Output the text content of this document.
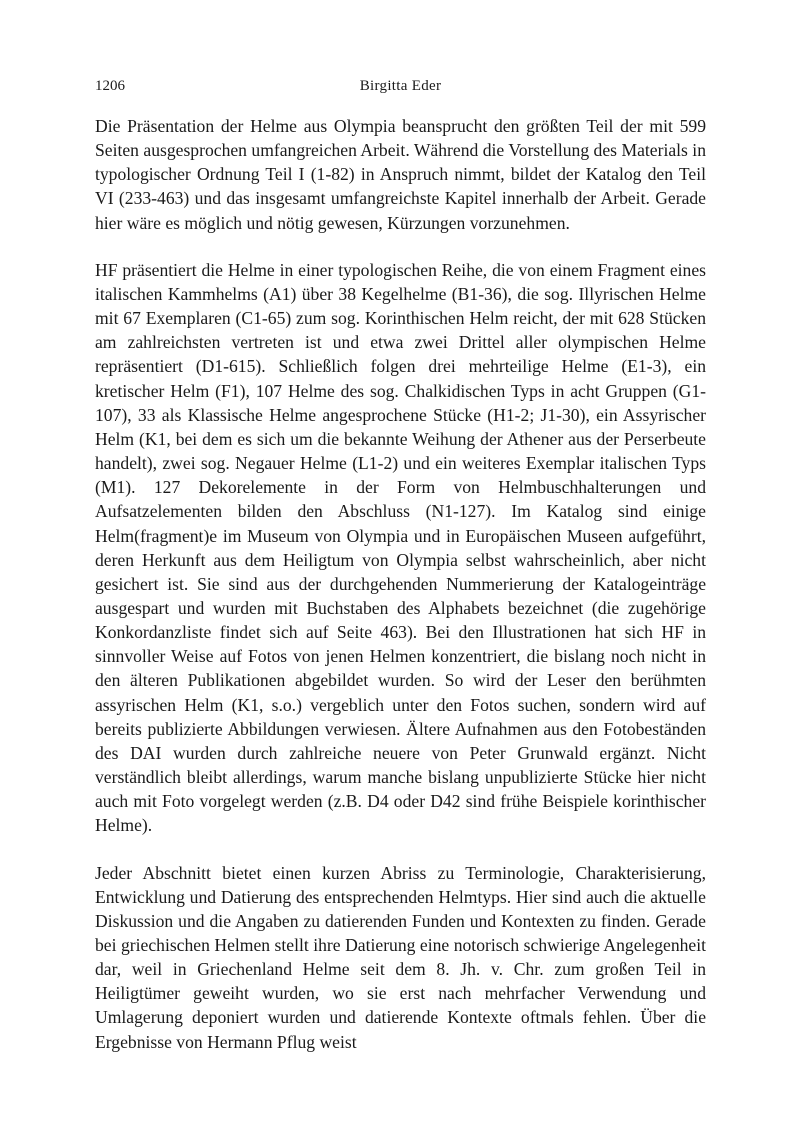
1206	Birgitta Eder

Die Präsentation der Helme aus Olympia beansprucht den größten Teil der mit 599 Seiten ausgesprochen umfangreichen Arbeit. Während die Vorstellung des Materials in typologischer Ordnung Teil I (1-82) in Anspruch nimmt, bildet der Katalog den Teil VI (233-463) und das insgesamt umfangreichste Kapitel innerhalb der Arbeit. Gerade hier wäre es möglich und nötig gewesen, Kürzungen vorzunehmen.

HF präsentiert die Helme in einer typologischen Reihe, die von einem Fragment eines italischen Kammhelms (A1) über 38 Kegelhelme (B1-36), die sog. Illyrischen Helme mit 67 Exemplaren (C1-65) zum sog. Korinthischen Helm reicht, der mit 628 Stücken am zahlreichsten vertreten ist und etwa zwei Drittel aller olympischen Helme repräsentiert (D1-615). Schließlich folgen drei mehrteilige Helme (E1-3), ein kretischer Helm (F1), 107 Helme des sog. Chalkidischen Typs in acht Gruppen (G1-107), 33 als Klassische Helme angesprochene Stücke (H1-2; J1-30), ein Assyrischer Helm (K1, bei dem es sich um die bekannte Weihung der Athener aus der Perserbeute handelt), zwei sog. Negauer Helme (L1-2) und ein weiteres Exemplar italischen Typs (M1). 127 Dekorelemente in der Form von Helmbuschhalterungen und Aufsatzelementen bilden den Abschluss (N1-127). Im Katalog sind einige Helm(fragment)e im Museum von Olympia und in Europäischen Museen aufgeführt, deren Herkunft aus dem Heiligtum von Olympia selbst wahrscheinlich, aber nicht gesichert ist. Sie sind aus der durchgehenden Nummerierung der Katalogeinträge ausgespart und wurden mit Buchstaben des Alphabets bezeichnet (die zugehörige Konkordanzliste findet sich auf Seite 463). Bei den Illustrationen hat sich HF in sinnvoller Weise auf Fotos von jenen Helmen konzentriert, die bislang noch nicht in den älteren Publikationen abgebildet wurden. So wird der Leser den berühmten assyrischen Helm (K1, s.o.) vergeblich unter den Fotos suchen, sondern wird auf bereits publizierte Abbildungen verwiesen. Ältere Aufnahmen aus den Fotobeständen des DAI wurden durch zahlreiche neuere von Peter Grunwald ergänzt. Nicht verständlich bleibt allerdings, warum manche bislang unpublizierte Stücke hier nicht auch mit Foto vorgelegt werden (z.B. D4 oder D42 sind frühe Beispiele korinthischer Helme).

Jeder Abschnitt bietet einen kurzen Abriss zu Terminologie, Charakterisierung, Entwicklung und Datierung des entsprechenden Helmtyps. Hier sind auch die aktuelle Diskussion und die Angaben zu datierenden Funden und Kontexten zu finden. Gerade bei griechischen Helmen stellt ihre Datierung eine notorisch schwierige Angelegenheit dar, weil in Griechenland Helme seit dem 8. Jh. v. Chr. zum großen Teil in Heiligtümer geweiht wurden, wo sie erst nach mehrfacher Verwendung und Umlagerung deponiert wurden und datierende Kontexte oftmals fehlen. Über die Ergebnisse von Hermann Pflug weist
